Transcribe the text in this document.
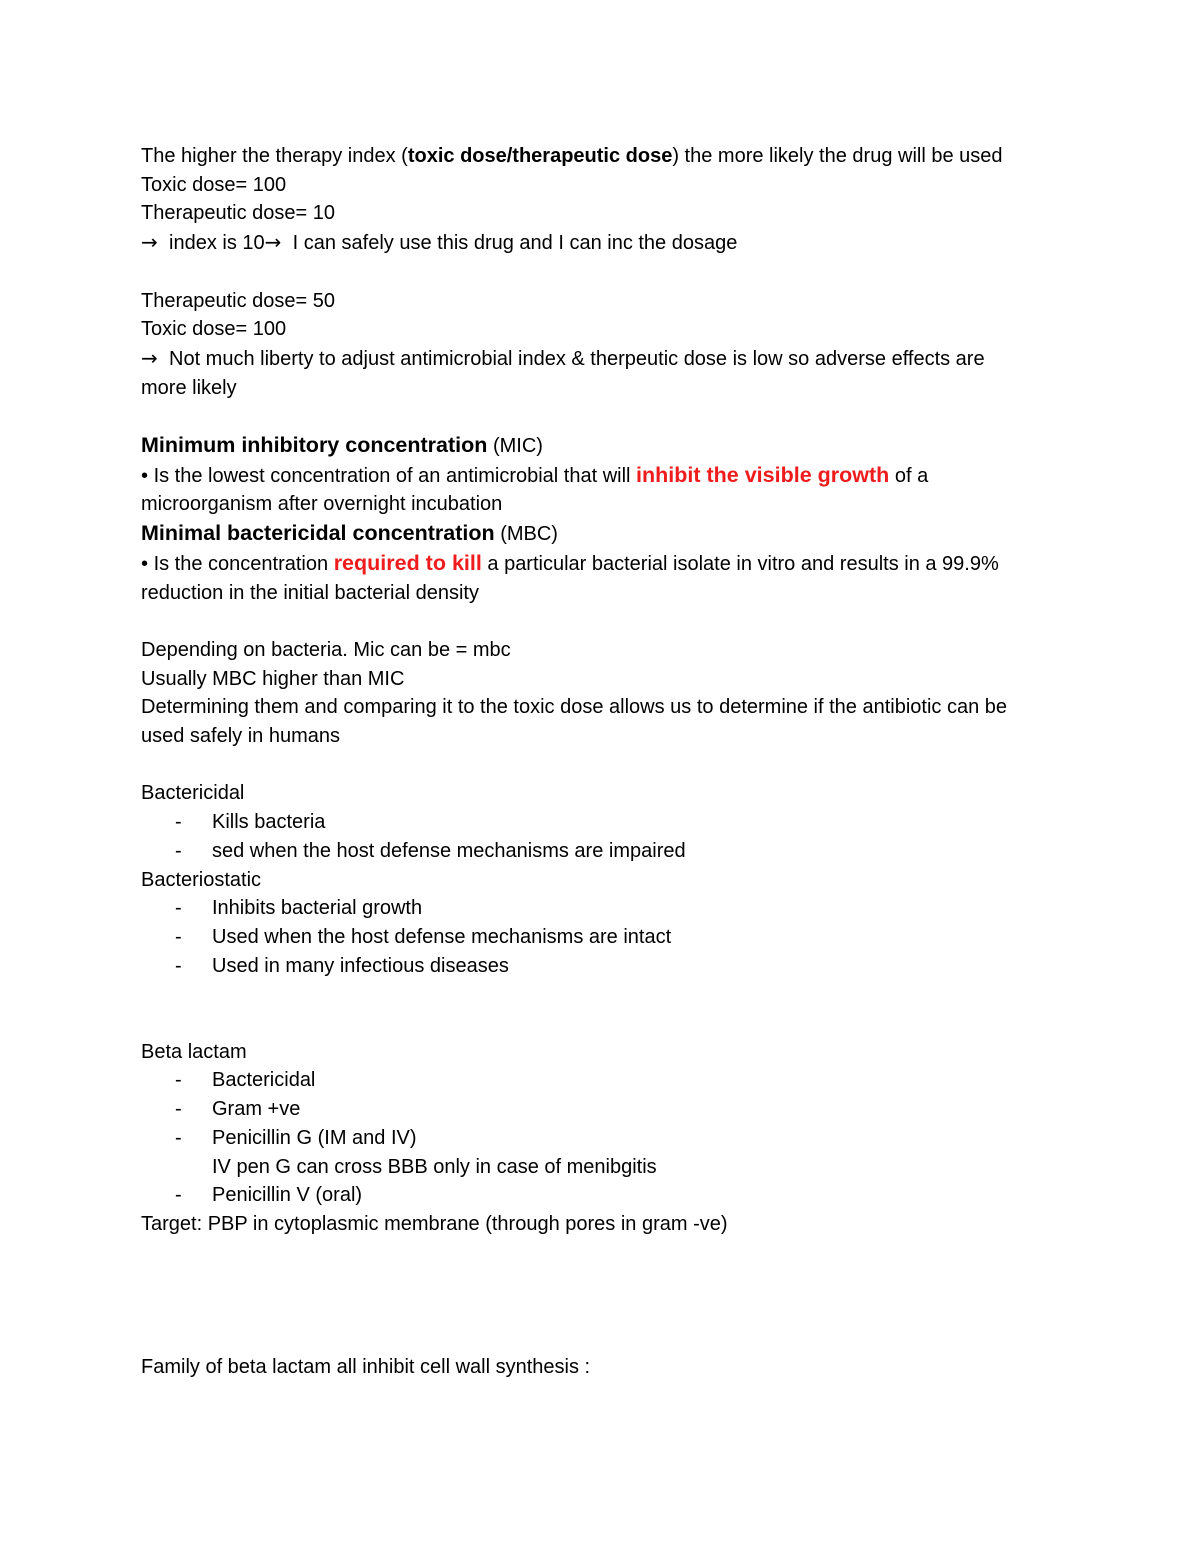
The higher the therapy index (toxic dose/therapeutic dose) the more likely the drug will be used
Toxic dose= 100
Therapeutic dose= 10
→ index is 10→ I can safely use this drug and I can inc the dosage
Therapeutic dose= 50
Toxic dose= 100
→ Not much liberty to adjust antimicrobial index & therpeutic dose is low so adverse effects are more likely
Minimum inhibitory concentration (MIC)
• Is the lowest concentration of an antimicrobial that will inhibit the visible growth of a microorganism after overnight incubation
Minimal bactericidal concentration (MBC)
• Is the concentration required to kill a particular bacterial isolate in vitro and results in a 99.9% reduction in the initial bacterial density
Depending on bacteria. Mic can be = mbc
Usually MBC higher than MIC
Determining them and comparing it to the toxic dose allows us to determine if the antibiotic can be used safely in humans
Bactericidal
- Kills bacteria
- sed when the host defense mechanisms are impaired
Bacteriostatic
- Inhibits bacterial growth
- Used when the host defense mechanisms are intact
- Used in many infectious diseases
Beta lactam
- Bactericidal
- Gram +ve
- Penicillin G (IM and IV)
IV pen G can cross BBB only in case of menibgitis
- Penicillin V (oral)
Target: PBP in cytoplasmic membrane (through pores in gram -ve)
Family of beta lactam all inhibit cell wall synthesis :
